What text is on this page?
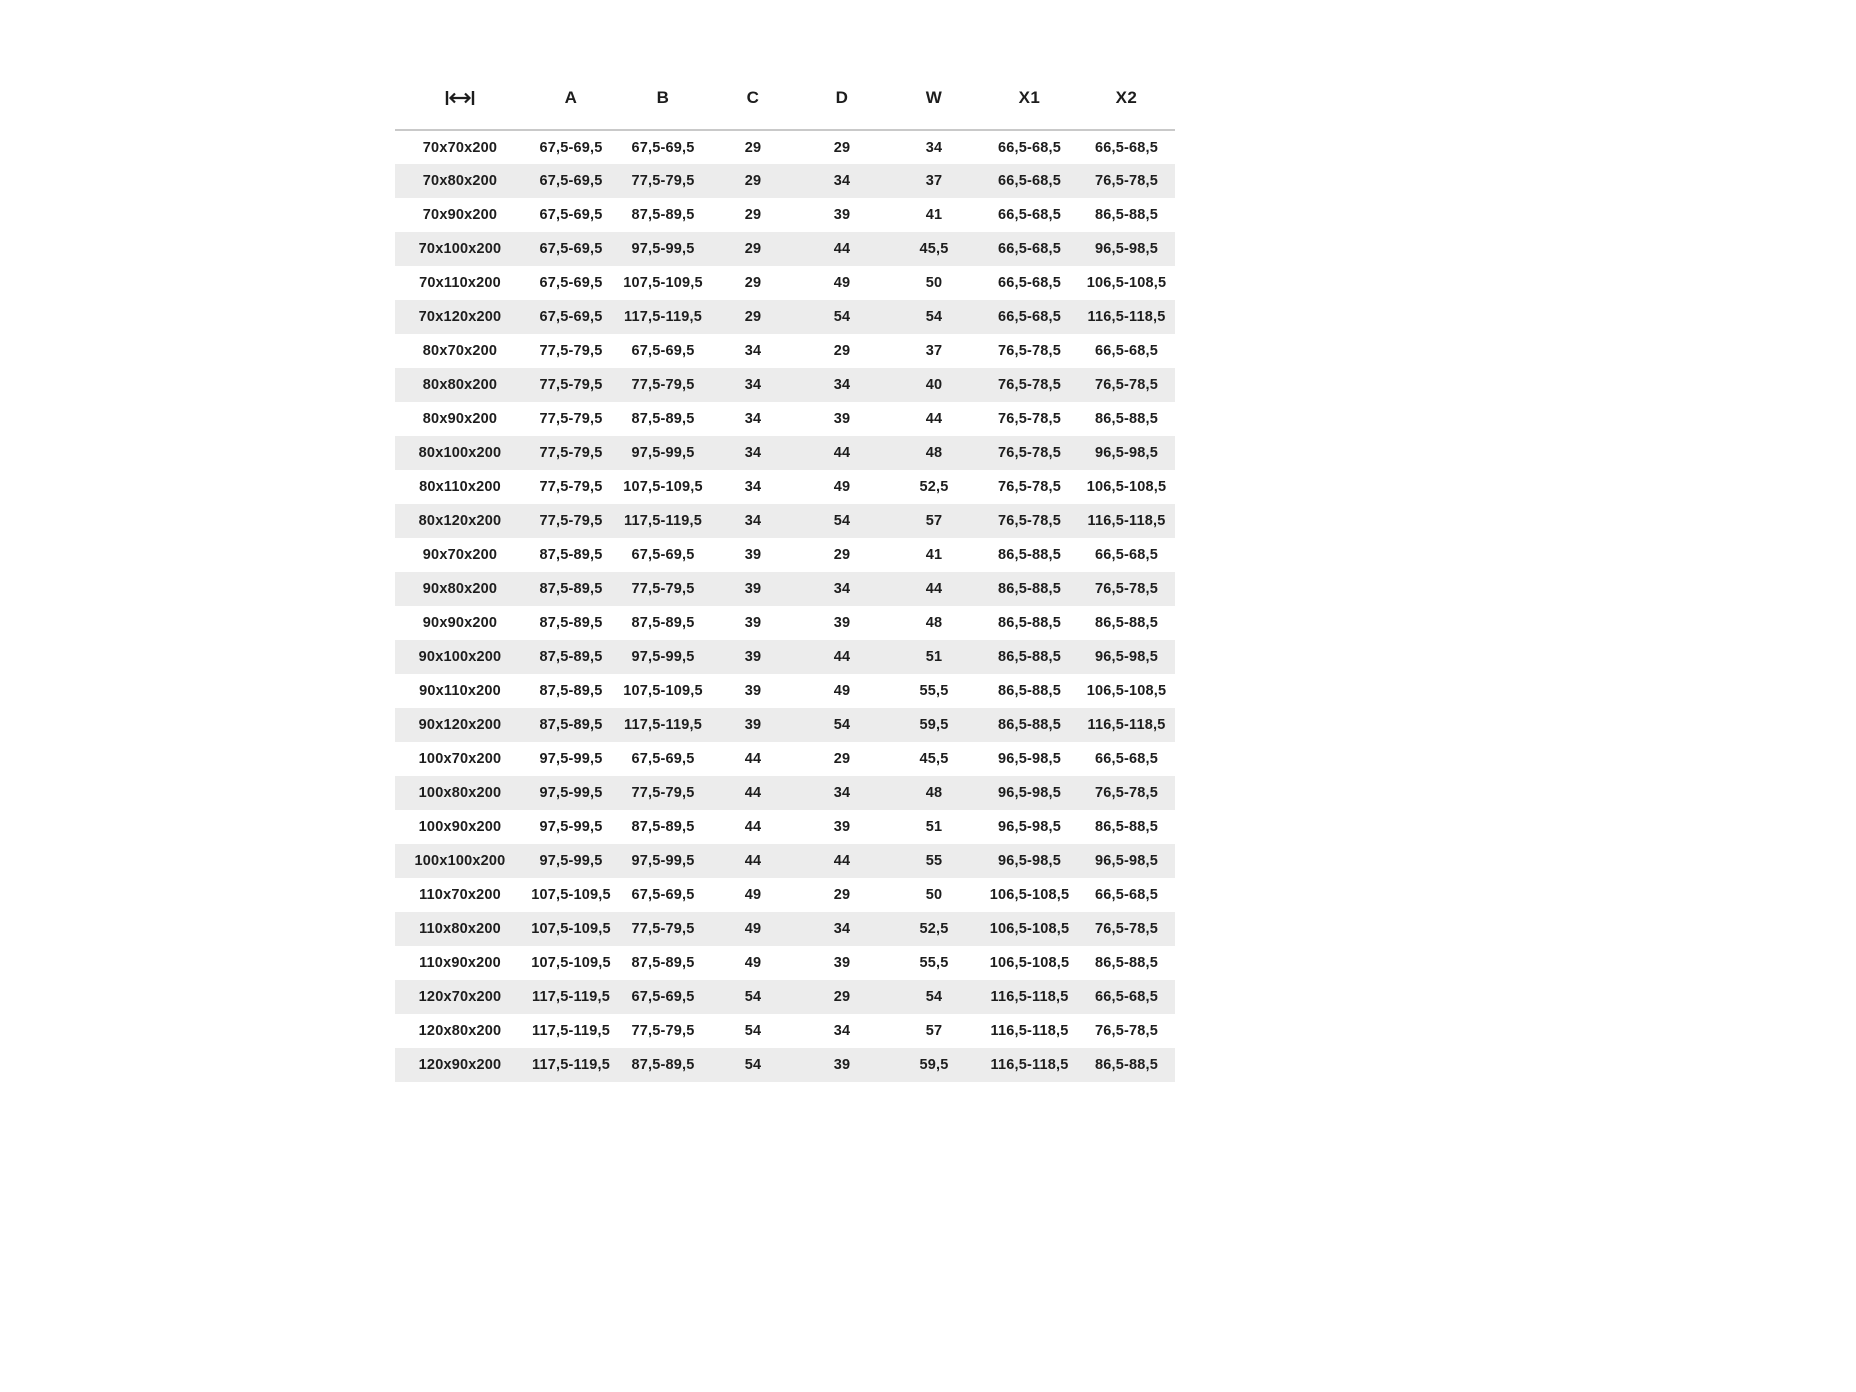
	A	B	C	D	W	X1	X2
70x70x200	67,5-69,5	67,5-69,5	29	29	34	66,5-68,5	66,5-68,5
70x80x200	67,5-69,5	77,5-79,5	29	34	37	66,5-68,5	76,5-78,5
70x90x200	67,5-69,5	87,5-89,5	29	39	41	66,5-68,5	86,5-88,5
70x100x200	67,5-69,5	97,5-99,5	29	44	45,5	66,5-68,5	96,5-98,5
70x110x200	67,5-69,5	107,5-109,5	29	49	50	66,5-68,5	106,5-108,5
70x120x200	67,5-69,5	117,5-119,5	29	54	54	66,5-68,5	116,5-118,5
80x70x200	77,5-79,5	67,5-69,5	34	29	37	76,5-78,5	66,5-68,5
80x80x200	77,5-79,5	77,5-79,5	34	34	40	76,5-78,5	76,5-78,5
80x90x200	77,5-79,5	87,5-89,5	34	39	44	76,5-78,5	86,5-88,5
80x100x200	77,5-79,5	97,5-99,5	34	44	48	76,5-78,5	96,5-98,5
80x110x200	77,5-79,5	107,5-109,5	34	49	52,5	76,5-78,5	106,5-108,5
80x120x200	77,5-79,5	117,5-119,5	34	54	57	76,5-78,5	116,5-118,5
90x70x200	87,5-89,5	67,5-69,5	39	29	41	86,5-88,5	66,5-68,5
90x80x200	87,5-89,5	77,5-79,5	39	34	44	86,5-88,5	76,5-78,5
90x90x200	87,5-89,5	87,5-89,5	39	39	48	86,5-88,5	86,5-88,5
90x100x200	87,5-89,5	97,5-99,5	39	44	51	86,5-88,5	96,5-98,5
90x110x200	87,5-89,5	107,5-109,5	39	49	55,5	86,5-88,5	106,5-108,5
90x120x200	87,5-89,5	117,5-119,5	39	54	59,5	86,5-88,5	116,5-118,5
100x70x200	97,5-99,5	67,5-69,5	44	29	45,5	96,5-98,5	66,5-68,5
100x80x200	97,5-99,5	77,5-79,5	44	34	48	96,5-98,5	76,5-78,5
100x90x200	97,5-99,5	87,5-89,5	44	39	51	96,5-98,5	86,5-88,5
100x100x200	97,5-99,5	97,5-99,5	44	44	55	96,5-98,5	96,5-98,5
110x70x200	107,5-109,5	67,5-69,5	49	29	50	106,5-108,5	66,5-68,5
110x80x200	107,5-109,5	77,5-79,5	49	34	52,5	106,5-108,5	76,5-78,5
110x90x200	107,5-109,5	87,5-89,5	49	39	55,5	106,5-108,5	86,5-88,5
120x70x200	117,5-119,5	67,5-69,5	54	29	54	116,5-118,5	66,5-68,5
120x80x200	117,5-119,5	77,5-79,5	54	34	57	116,5-118,5	76,5-78,5
120x90x200	117,5-119,5	87,5-89,5	54	39	59,5	116,5-118,5	86,5-88,5
